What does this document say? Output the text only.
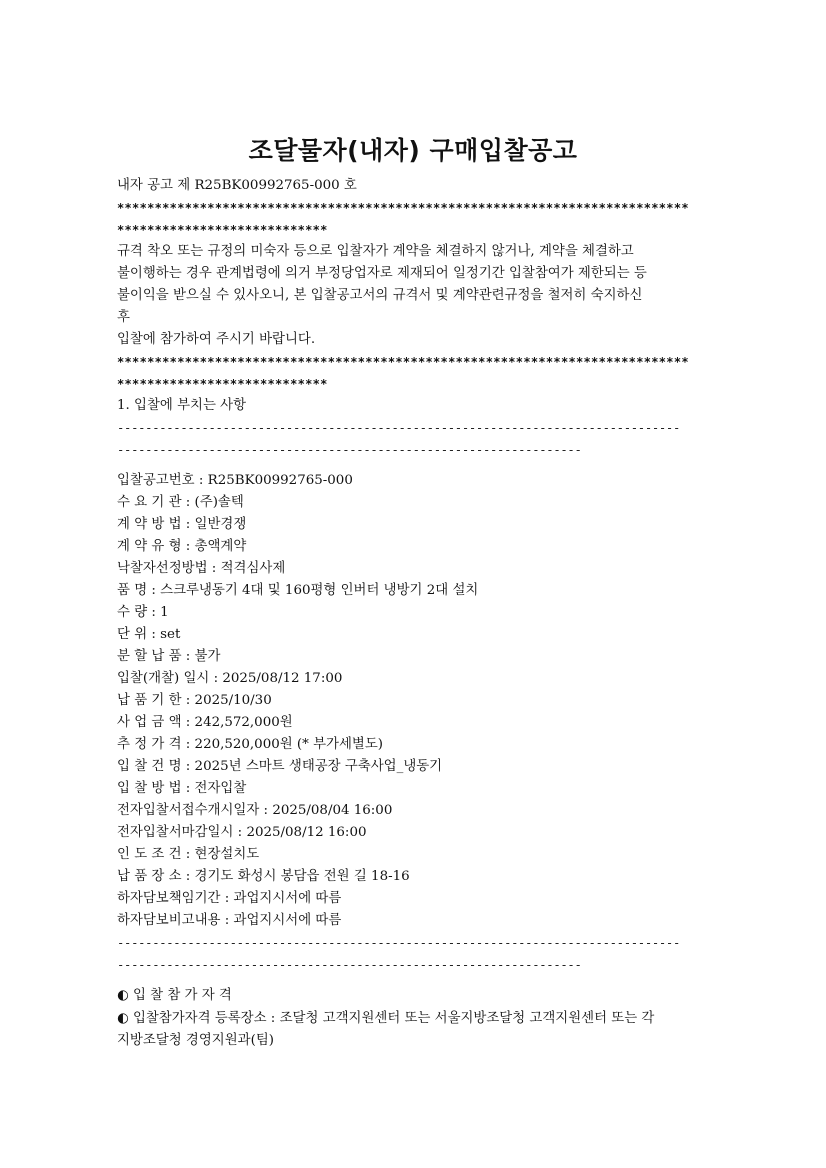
조달물자(내자) 구매입찰공고
내자 공고 제 R25BK00992765-000 호
****************************************************************************
****************************
규격 착오 또는 규정의 미숙자 등으로 입찰자가 계약을 체결하지 않거나, 계약을 체결하고
불이행하는 경우 관계법령에 의거 부정당업자로 제재되어 일정기간 입찰참여가 제한되는 등
불이익을 받으실 수 있사오니, 본 입찰공고서의 규격서 및 계약관련규정을 철저히 숙지하신
후
입찰에 참가하여 주시기 바랍니다.
****************************************************************************
****************************
1. 입찰에 부치는 사항
--------------------------------------------------------------------------------
------------------------------------------------------------------
입찰공고번호 : R25BK00992765-000
수 요 기 관 : (주)솔텍
계 약 방 법 : 일반경쟁
계 약 유 형 : 총액계약
낙찰자선정방법 : 적격심사제
품 명 : 스크루냉동기 4대 및 160평형 인버터 냉방기 2대 설치
수 량 : 1
단 위 : set
분 할 납 품 : 불가
입찰(개찰) 일시 : 2025/08/12 17:00
납 품 기 한 : 2025/10/30
사 업 금 액 : 242,572,000원
추 정 가 격 : 220,520,000원 (* 부가세별도)
입 찰 건 명 : 2025년 스마트 생태공장 구축사업_냉동기
입 찰 방 법 : 전자입찰
전자입찰서접수개시일자 : 2025/08/04 16:00
전자입찰서마감일시 : 2025/08/12 16:00
인 도 조 건 : 현장설치도
납 품 장 소 : 경기도 화성시 봉담읍 전원 길 18-16
하자담보책임기간 : 과업지시서에 따름
하자담보비고내용 : 과업지시서에 따름
--------------------------------------------------------------------------------
------------------------------------------------------------------
◐ 입 찰 참 가 자 격
◐ 입찰참가자격 등록장소 : 조달청 고객지원센터 또는 서울지방조달청 고객지원센터 또는 각
지방조달청 경영지원과(팀)
